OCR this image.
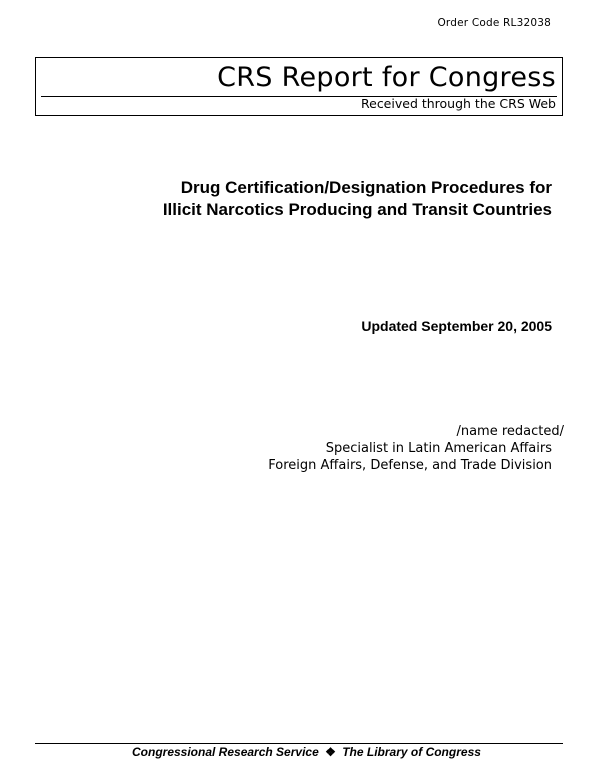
Order Code RL32038
CRS Report for Congress
Received through the CRS Web
Drug Certification/Designation Procedures for
Illicit Narcotics Producing and Transit Countries
Updated September 20, 2005
/name redacted/
Specialist in Latin American Affairs
Foreign Affairs, Defense, and Trade Division
Congressional Research Service ❖ The Library of Congress
